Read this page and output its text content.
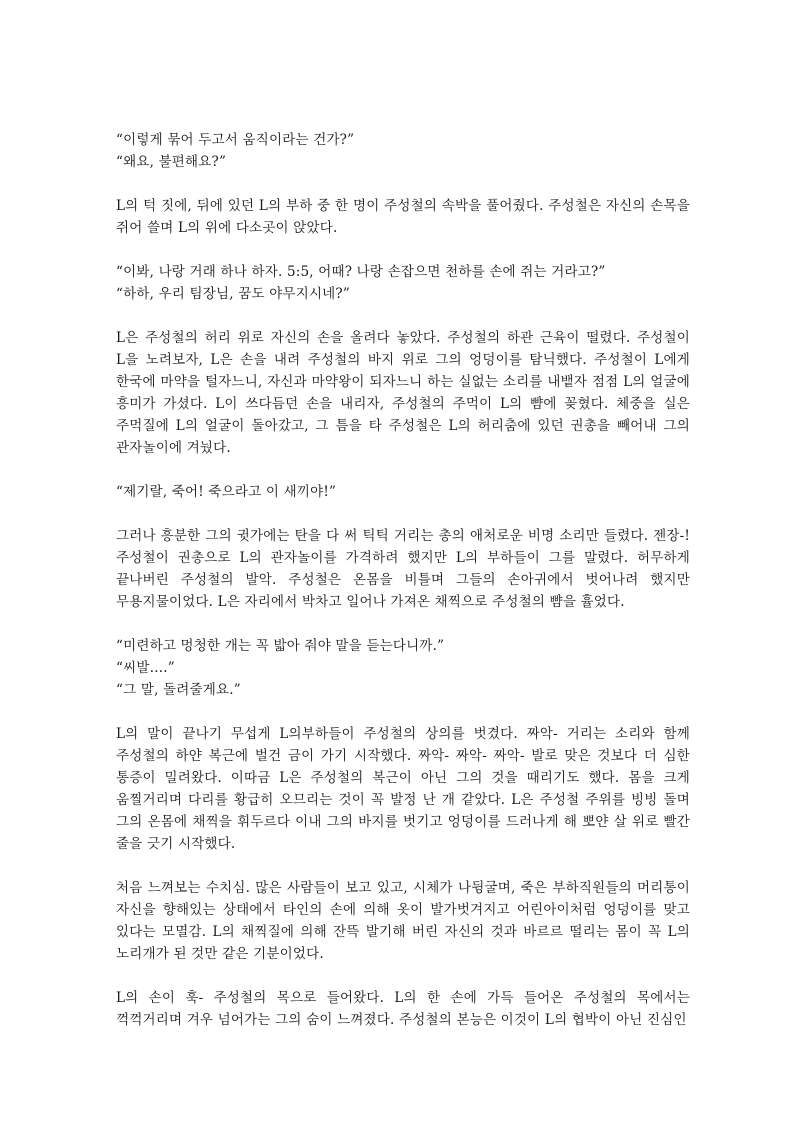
“이렇게 묶어 두고서 움직이라는 건가?”

“왜요, 불편해요?”

L의 턱 짓에, 뒤에 있던 L의 부하 중 한 명이 주성철의 속박을 풀어줬다. 주성철은 자신의 손목을 쥐어 쓸며 L의 위에 다소곳이 앉았다.

“이봐, 나랑 거래 하나 하자. 5:5, 어때? 나랑 손잡으면 천하를 손에 쥐는 거라고?”

“하하, 우리 팀장님, 꿈도 야무지시네?”

L은 주성철의 허리 위로 자신의 손을 올려다 놓았다. 주성철의 하관 근육이 떨렸다. 주성철이 L을 노려보자, L은 손을 내려 주성철의 바지 위로 그의 엉덩이를 탐닉했다. 주성철이 L에게 한국에 마약을 털자느니, 자신과 마약왕이 되자느니 하는 실없는 소리를 내뱉자 점점 L의 얼굴에 흥미가 가셨다. L이 쓰다듬던 손을 내리자, 주성철의 주먹이 L의 뺨에 꽂혔다. 체중을 실은 주먹질에 L의 얼굴이 돌아갔고, 그 틈을 타 주성철은 L의 허리춤에 있던 권총을 빼어내 그의 관자놀이에 겨눴다.

“제기랄, 죽어! 죽으라고 이 새끼야!”

그러나 흥분한 그의 귓가에는 탄을 다 써 틱틱 거리는 총의 애처로운 비명 소리만 들렸다. 젠장-! 주성철이 권총으로 L의 관자놀이를 가격하려 했지만 L의 부하들이 그를 말렸다. 허무하게 끝나버린 주성철의 발악. 주성철은 온몸을 비틀며 그들의 손아귀에서 벗어나려 했지만 무용지물이었다. L은 자리에서 박차고 일어나 가져온 채찍으로 주성철의 뺨을 휼었다.

“미련하고 멍청한 개는 꼭 밟아 줘야 말을 듣는다니까.”

“씨발….”

“그 말, 돌려줄게요.”

L의 말이 끝나기 무섭게 L의부하들이 주성철의 상의를 벗겼다. 짜악- 거리는 소리와 함께 주성철의 하얀 복근에 벌건 금이 가기 시작했다. 짜악- 짜악- 짜악- 발로 맞은 것보다 더 심한 통증이 밀려왔다. 이따금 L은 주성철의 복근이 아닌 그의 것을 때리기도 했다. 몸을 크게 움찔거리며 다리를 황급히 오므리는 것이 꼭 발정 난 개 같았다. L은 주성철 주위를 빙빙 돌며 그의 온몸에 채찍을 휘두르다 이내 그의 바지를 벗기고 엉덩이를 드러나게 해 뽀얀 살 위로 빨간 줄을 긋기 시작했다.

처음 느껴보는 수치심. 많은 사람들이 보고 있고, 시체가 나뒹굴며, 죽은 부하직원들의 머리통이 자신을 향해있는 상태에서 타인의 손에 의해 옷이 발가벗겨지고 어린아이처럼 엉덩이를 맞고 있다는 모멸감. L의 채찍질에 의해 잔뜩 발기해 버린 자신의 것과 바르르 떨리는 몸이 꼭 L의 노리개가 된 것만 같은 기분이었다.

L의 손이 훅- 주성철의 목으로 들어왔다. L의 한 손에 가득 들어온 주성철의 목에서는 꺽꺽거리며 겨우 넘어가는 그의 숨이 느껴졌다. 주성철의 본능은 이것이 L의 협박이 아닌 진심인
